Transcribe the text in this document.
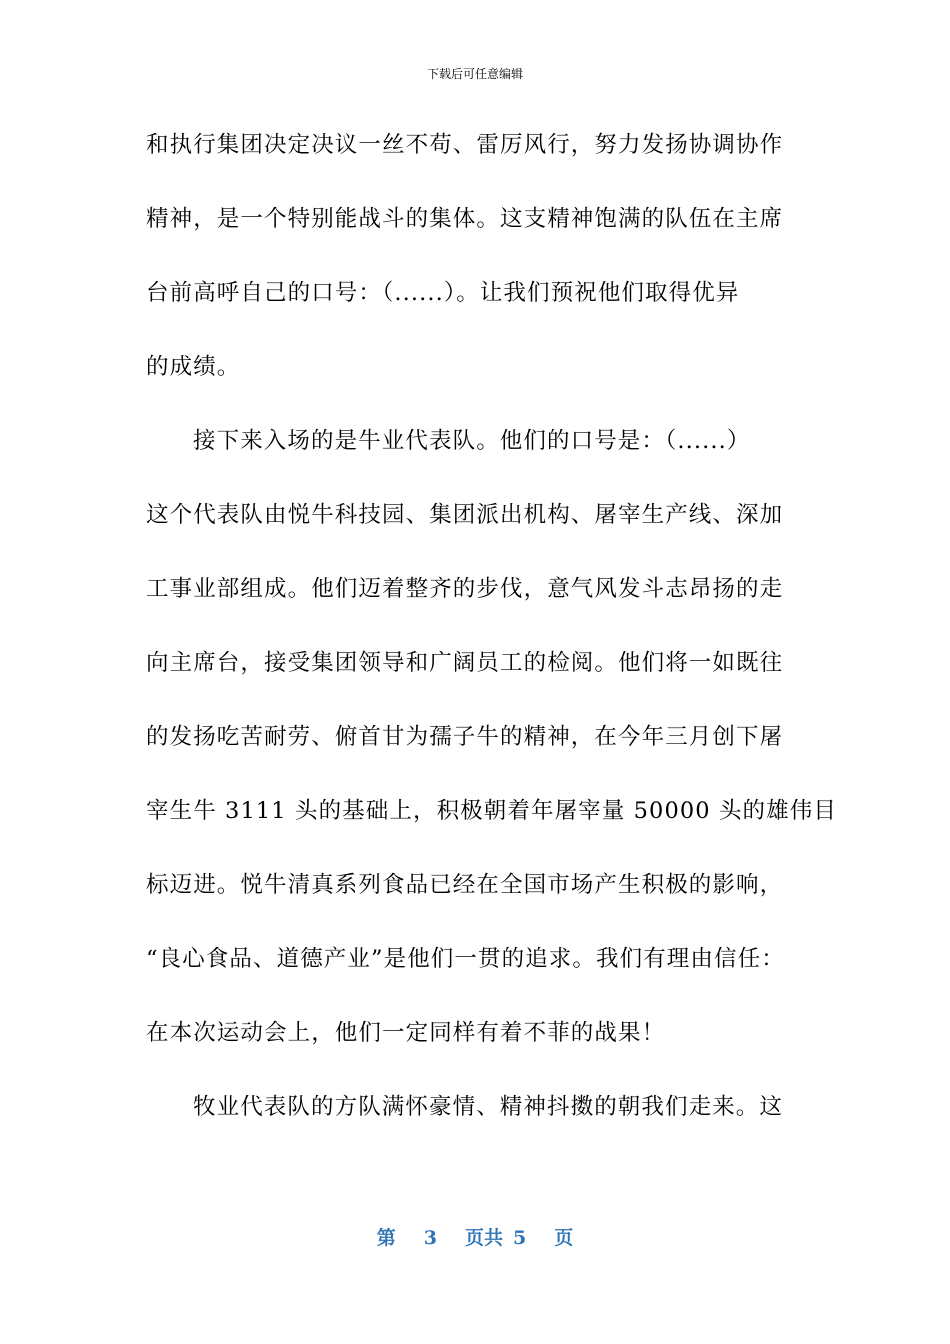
下载后可任意编辑
和执行集团决定决议一丝不苟、雷厉风行，努力发扬协调协作
精神，是一个特别能战斗的集体。这支精神饱满的队伍在主席
台前高呼自己的口号：（......）。让我们预祝他们取得优异
的成绩。
接下来入场的是牛业代表队。他们的口号是：（......）
这个代表队由悦牛科技园、集团派出机构、屠宰生产线、深加
工事业部组成。他们迈着整齐的步伐，意气风发斗志昂扬的走
向主席台，接受集团领导和广阔员工的检阅。他们将一如既往
的发扬吃苦耐劳、俯首甘为孺子牛的精神，在今年三月创下屠
宰生牛 3111 头的基础上，积极朝着年屠宰量 50000 头的雄伟目
标迈进。悦牛清真系列食品已经在全国市场产生积极的影响，
“良心食品、道德产业”是他们一贯的追求。我们有理由信任：
在本次运动会上，他们一定同样有着不菲的战果！
牧业代表队的方队满怀豪情、精神抖擞的朝我们走来。这
第 3 页共 5 页
